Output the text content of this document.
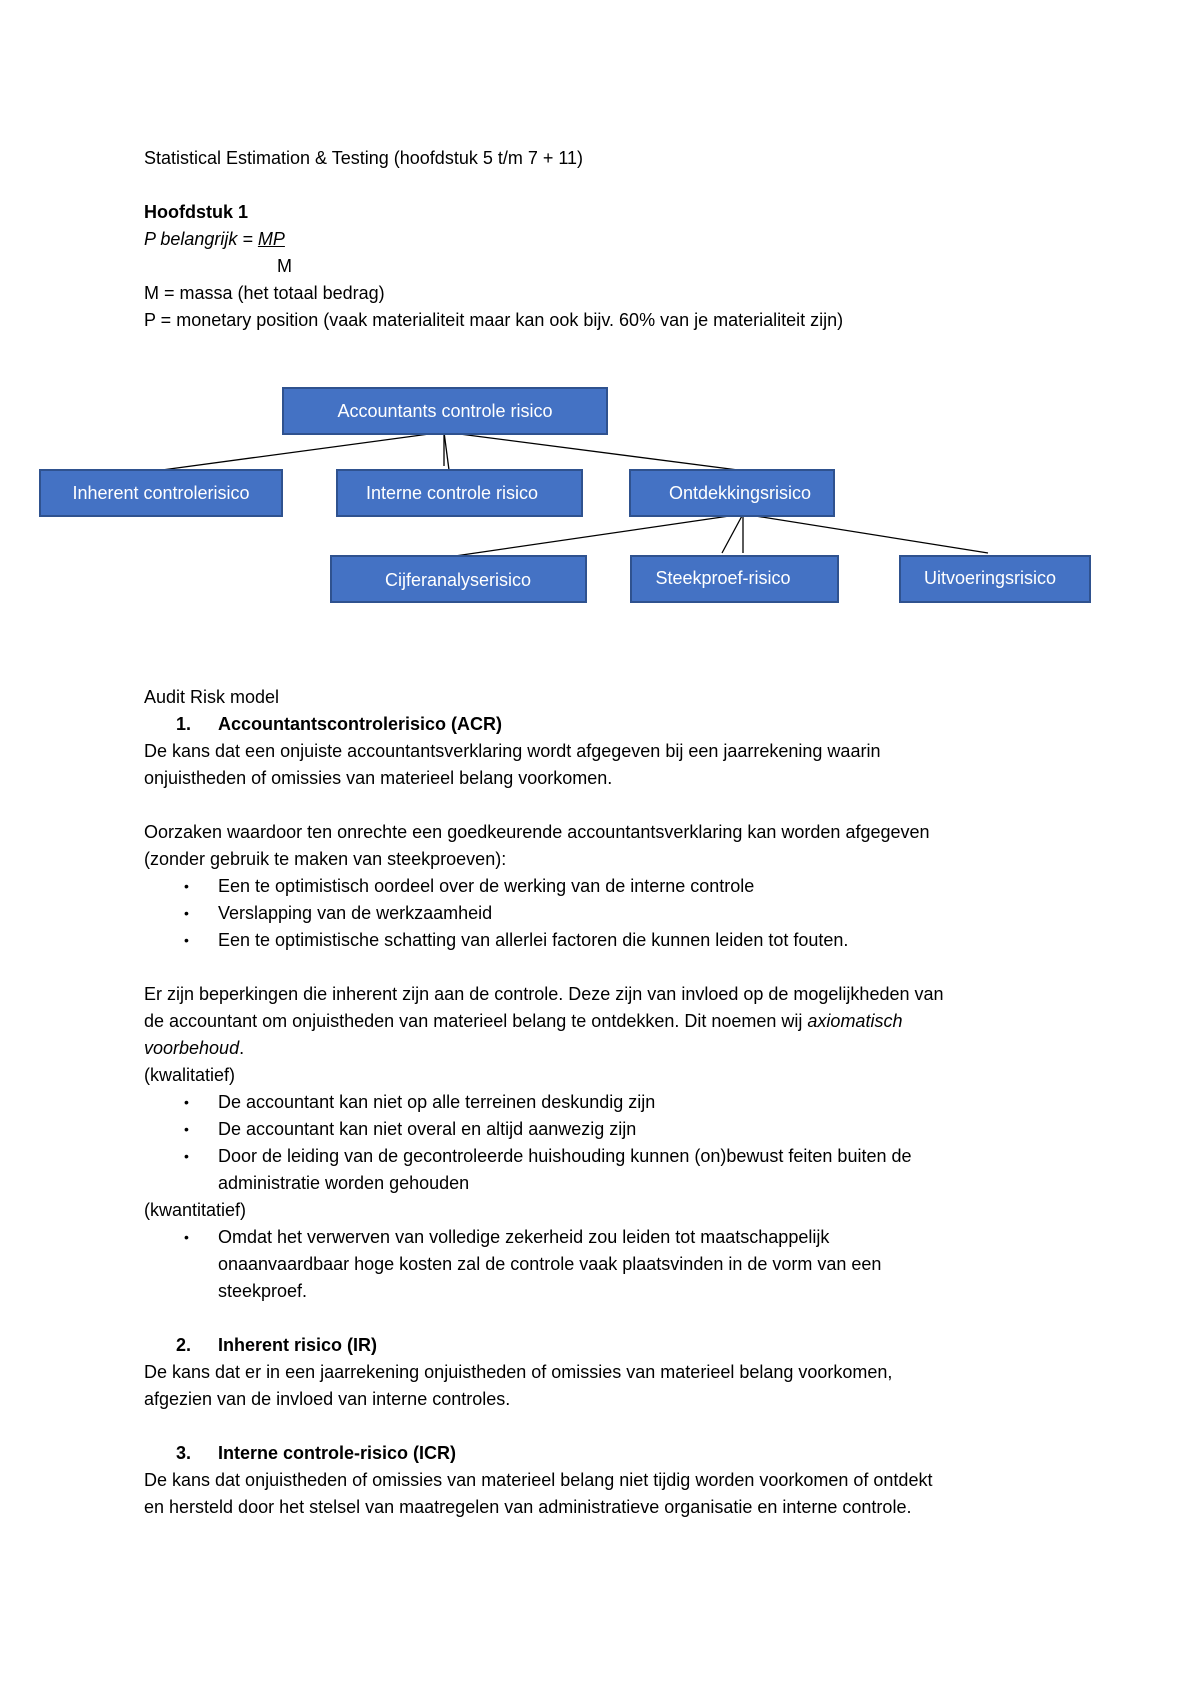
Statistical Estimation & Testing (hoofdstuk 5 t/m 7 + 11)
Hoofdstuk 1
P belangrijk = MP
M
M = massa (het totaal bedrag)
P = monetary position (vaak materialiteit maar kan ook bijv. 60% van je materialiteit zijn)
Accountants controle risico
Inherent controlerisico	Interne controle risico	Ontdekkingsrisico
Cijferanalyserisico	Steekproef-risico	Uitvoeringsrisico
Audit Risk model
1. Accountantscontrolerisico (ACR)
De kans dat een onjuiste accountantsverklaring wordt afgegeven bij een jaarrekening waarin
onjuistheden of omissies van materieel belang voorkomen.
Oorzaken waardoor ten onrechte een goedkeurende accountantsverklaring kan worden afgegeven
(zonder gebruik te maken van steekproeven):
• Een te optimistisch oordeel over de werking van de interne controle
• Verslapping van de werkzaamheid
• Een te optimistische schatting van allerlei factoren die kunnen leiden tot fouten.
Er zijn beperkingen die inherent zijn aan de controle. Deze zijn van invloed op de mogelijkheden van
de accountant om onjuistheden van materieel belang te ontdekken. Dit noemen wij axiomatisch
voorbehoud.
(kwalitatief)
• De accountant kan niet op alle terreinen deskundig zijn
• De accountant kan niet overal en altijd aanwezig zijn
• Door de leiding van de gecontroleerde huishouding kunnen (on)bewust feiten buiten de
administratie worden gehouden
(kwantitatief)
• Omdat het verwerven van volledige zekerheid zou leiden tot maatschappelijk
onaanvaardbaar hoge kosten zal de controle vaak plaatsvinden in de vorm van een
steekproef.
2. Inherent risico (IR)
De kans dat er in een jaarrekening onjuistheden of omissies van materieel belang voorkomen,
afgezien van de invloed van interne controles.
3. Interne controle-risico (ICR)
De kans dat onjuistheden of omissies van materieel belang niet tijdig worden voorkomen of ontdekt
en hersteld door het stelsel van maatregelen van administratieve organisatie en interne controle.
